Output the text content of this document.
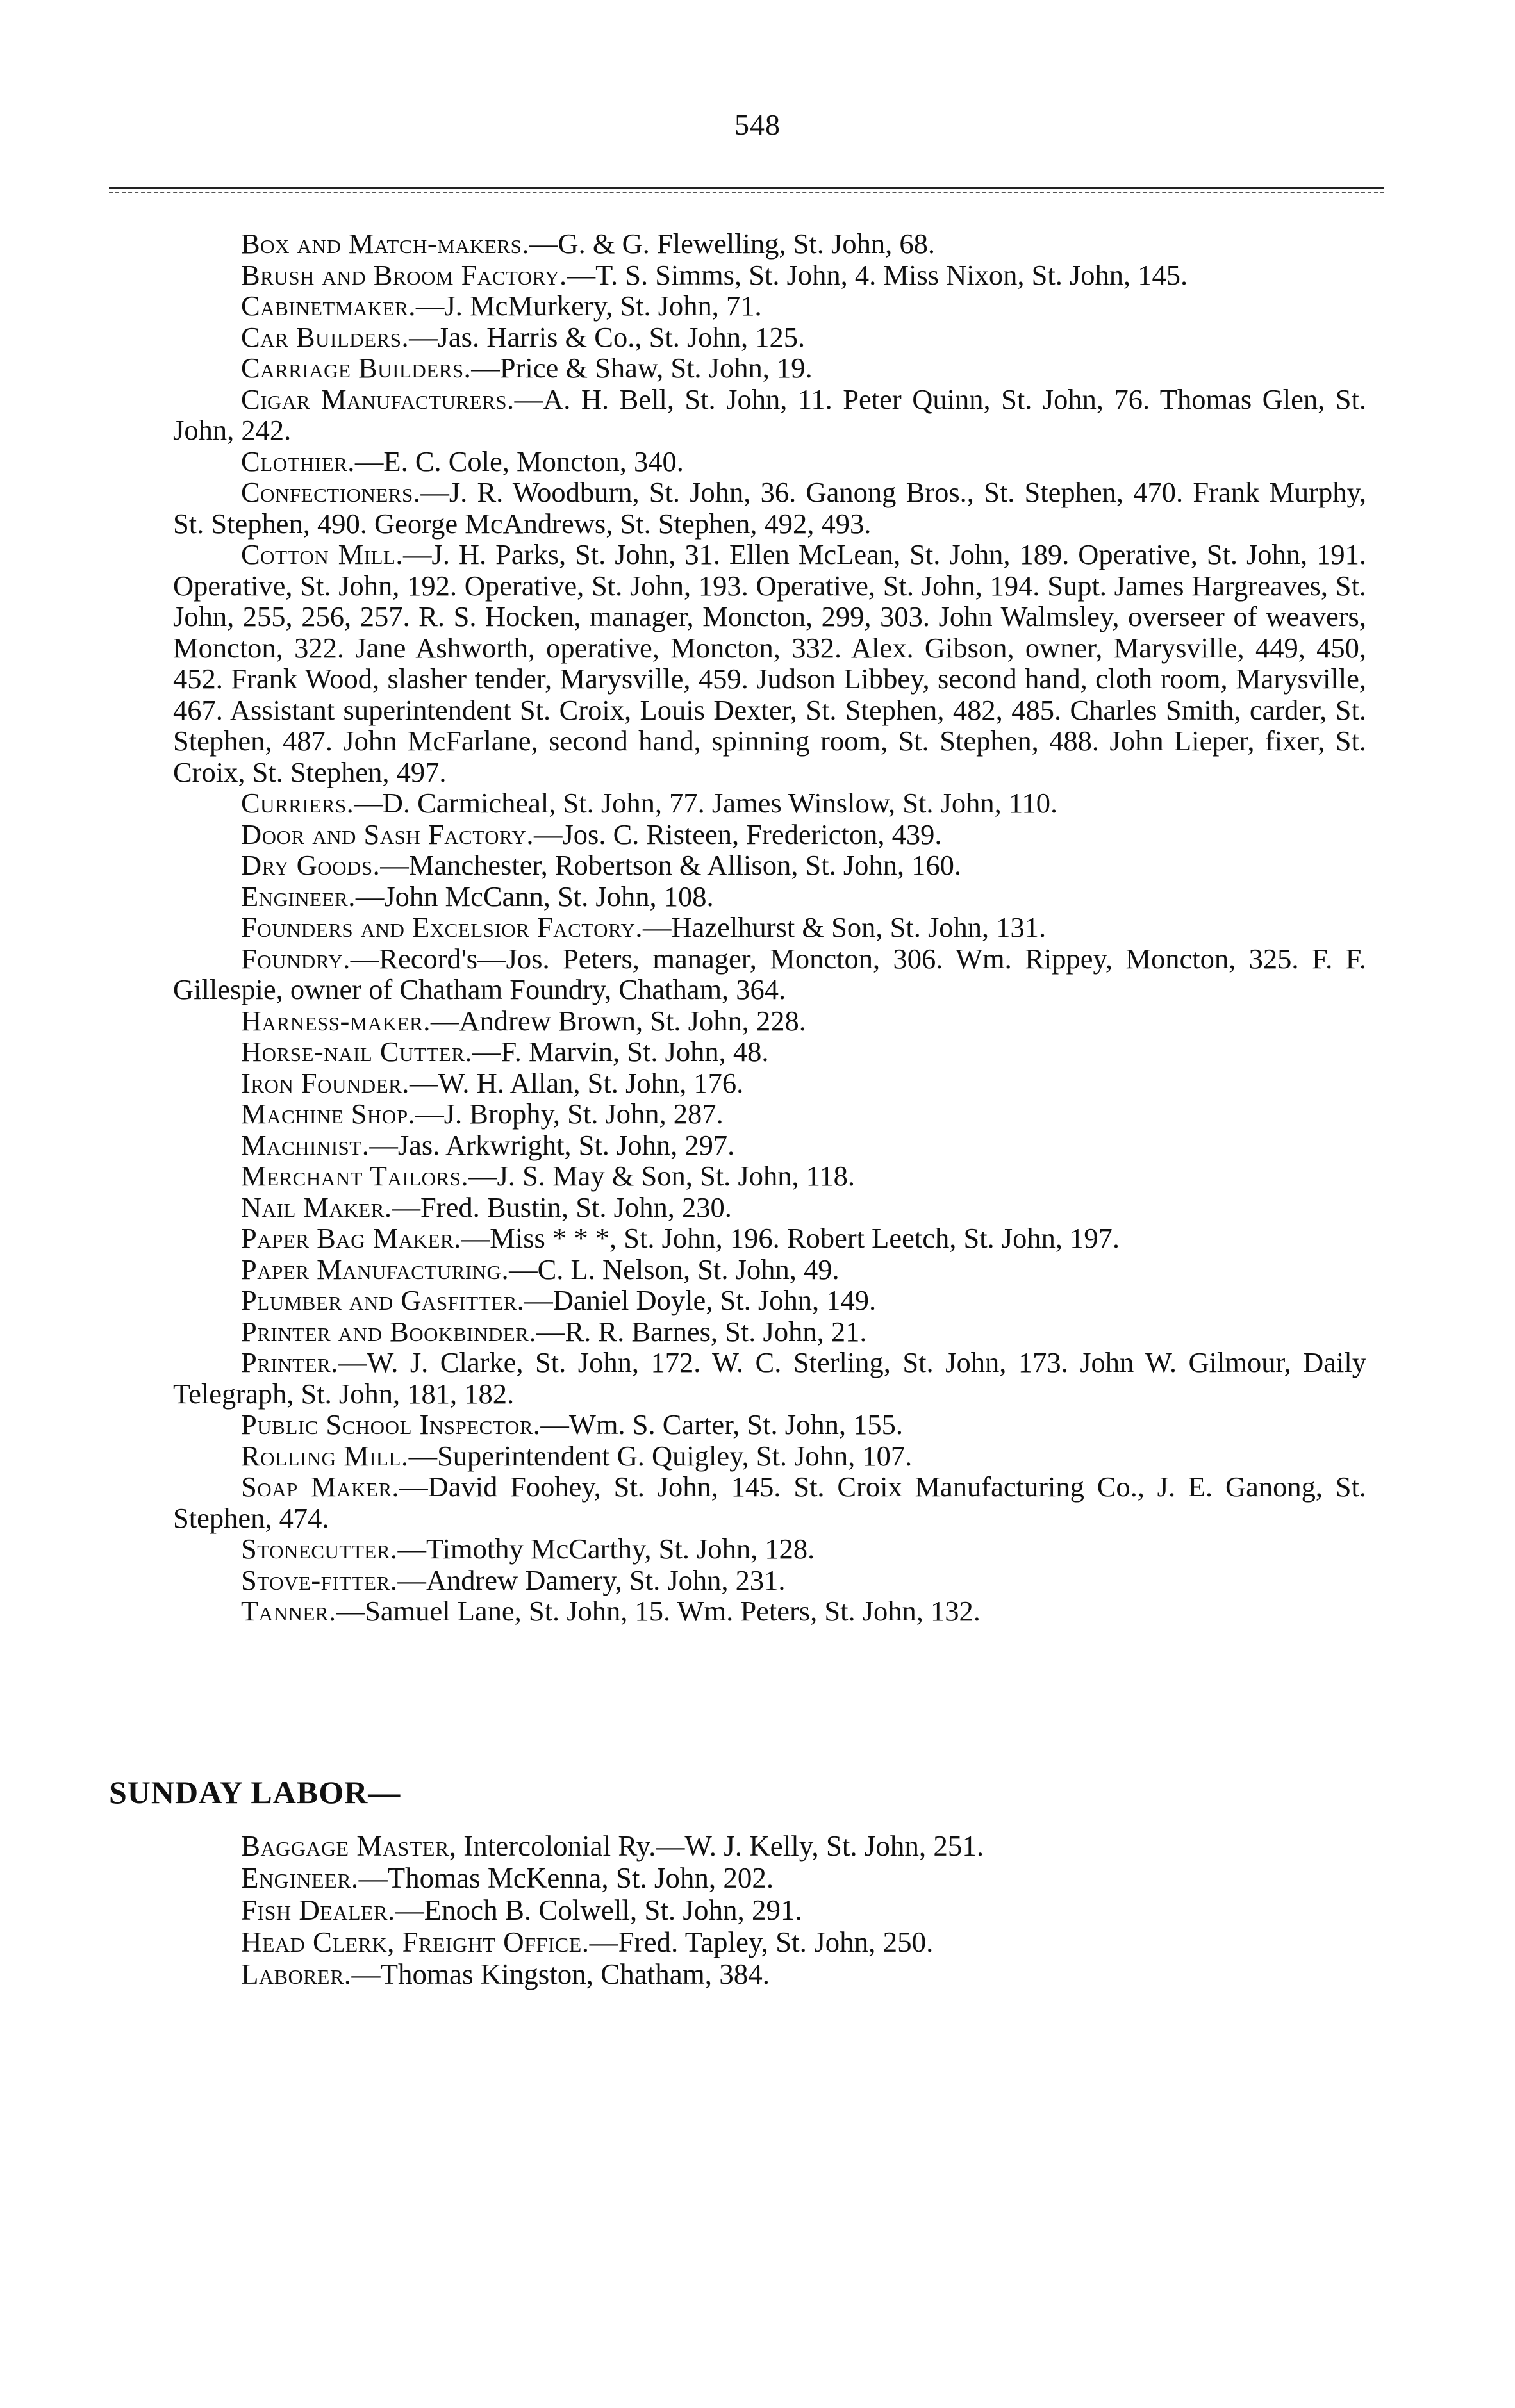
548

Box and Match-makers.—G. & G. Flewelling, St. John, 68.

Brush and Broom Factory.—T. S. Simms, St. John, 4. Miss Nixon, St. John, 145.

Cabinetmaker.—J. McMurkery, St. John, 71.

Car Builders.—Jas. Harris & Co., St. John, 125.

Carriage Builders.—Price & Shaw, St. John, 19.

Cigar Manufacturers.—A. H. Bell, St. John, 11. Peter Quinn, St. John, 76. Thomas Glen, St. John, 242.

Clothier.—E. C. Cole, Moncton, 340.

Confectioners.—J. R. Woodburn, St. John, 36. Ganong Bros., St. Stephen, 470. Frank Murphy, St. Stephen, 490. George McAndrews, St. Stephen, 492, 493.

Cotton Mill.—J. H. Parks, St. John, 31. Ellen McLean, St. John, 189. Operative, St. John, 191. Operative, St. John, 192. Operative, St. John, 193. Operative, St. John, 194. Supt. James Hargreaves, St. John, 255, 256, 257. R. S. Hocken, manager, Moncton, 299, 303. John Walmsley, overseer of weavers, Moncton, 322. Jane Ashworth, operative, Moncton, 332. Alex. Gibson, owner, Marysville, 449, 450, 452. Frank Wood, slasher tender, Marysville, 459. Judson Libbey, second hand, cloth room, Marysville, 467. Assistant superintendent St. Croix, Louis Dexter, St. Stephen, 482, 485. Charles Smith, carder, St. Stephen, 487. John McFarlane, second hand, spinning room, St. Stephen, 488. John Lieper, fixer, St. Croix, St. Stephen, 497.

Curriers.—D. Carmicheal, St. John, 77. James Winslow, St. John, 110.

Door and Sash Factory.—Jos. C. Risteen, Fredericton, 439.

Dry Goods.—Manchester, Robertson & Allison, St. John, 160.

Engineer.—John McCann, St. John, 108.

Founders and Excelsior Factory.—Hazelhurst & Son, St. John, 131.

Foundry.—Record's—Jos. Peters, manager, Moncton, 306. Wm. Rippey, Moncton, 325. F. F. Gillespie, owner of Chatham Foundry, Chatham, 364.

Harness-maker.—Andrew Brown, St. John, 228.

Horse-nail Cutter.—F. Marvin, St. John, 48.

Iron Founder.—W. H. Allan, St. John, 176.

Machine Shop.—J. Brophy, St. John, 287.

Machinist.—Jas. Arkwright, St. John, 297.

Merchant Tailors.—J. S. May & Son, St. John, 118.

Nail Maker.—Fred. Bustin, St. John, 230.

Paper Bag Maker.—Miss * * *, St. John, 196. Robert Leetch, St. John, 197.

Paper Manufacturing.—C. L. Nelson, St. John, 49.

Plumber and Gasfitter.—Daniel Doyle, St. John, 149.

Printer and Bookbinder.—R. R. Barnes, St. John, 21.

Printer.—W. J. Clarke, St. John, 172. W. C. Sterling, St. John, 173. John W. Gilmour, Daily Telegraph, St. John, 181, 182.

Public School Inspector.—Wm. S. Carter, St. John, 155.

Rolling Mill.—Superintendent G. Quigley, St. John, 107.

Soap Maker.—David Foohey, St. John, 145. St. Croix Manufacturing Co., J. E. Ganong, St. Stephen, 474.

Stonecutter.—Timothy McCarthy, St. John, 128.

Stove-fitter.—Andrew Damery, St. John, 231.

Tanner.—Samuel Lane, St. John, 15. Wm. Peters, St. John, 132.

SUNDAY LABOR—

Baggage Master, Intercolonial Ry.—W. J. Kelly, St. John, 251.

Engineer.—Thomas McKenna, St. John, 202.

Fish Dealer.—Enoch B. Colwell, St. John, 291.

Head Clerk, Freight Office.—Fred. Tapley, St. John, 250.

Laborer.—Thomas Kingston, Chatham, 384.
